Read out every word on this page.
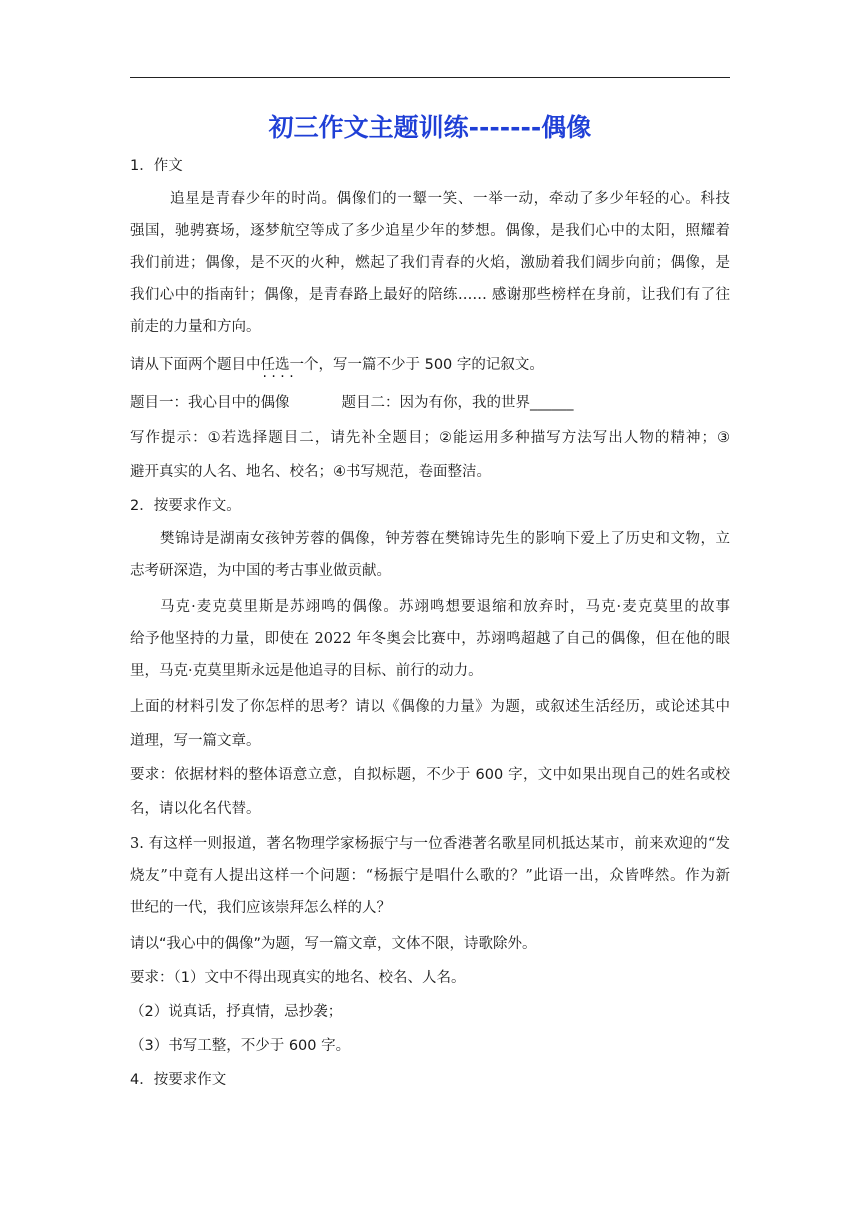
初三作文主题训练-------偶像
1．作文
追星是青春少年的时尚。偶像们的一颦一笑、一举一动，牵动了多少年轻的心。科技
强国，驰骋赛场，逐梦航空等成了多少追星少年的梦想。偶像，是我们心中的太阳，照耀着
我们前进；偶像，是不灭的火种，燃起了我们青春的火焰，激励着我们阔步向前；偶像，是
我们心中的指南针；偶像，是青春路上最好的陪练…… 感谢那些榜样在身前，让我们有了往
前走的力量和方向。
请从下面两个题目中任选一个 · ·，写一篇不少于 500 字的记叙文。
题目一：我心目中的偶像	题目二：因为有你，我的世界______
写作提示：①若选择题目二，请先补全题目；②能运用多种描写方法写出人物的精神；③
避开真实的人名、地名、校名；④书写规范，卷面整洁。
2．按要求作文。
樊锦诗是湖南女孩钟芳蓉的偶像，钟芳蓉在樊锦诗先生的影响下爱上了历史和文物，立
志考研深造，为中国的考古事业做贡献。
马克·麦克莫里斯是苏翊鸣的偶像。苏翊鸣想要退缩和放弃时，马克·麦克莫里的故事
给予他坚持的力量，即使在 2022 年冬奥会比赛中，苏翊鸣超越了自己的偶像，但在他的眼
里，马克·克莫里斯永远是他追寻的目标、前行的动力。
上面的材料引发了你怎样的思考？请以《偶像的力量》为题，或叙述生活经历，或论述其中
道理，写一篇文章。
要求：依据材料的整体语意立意，自拟标题，不少于 600 字，文中如果出现自己的姓名或校
名，请以化名代替。
3. 有这样一则报道，著名物理学家杨振宁与一位香港著名歌星同机抵达某市，前来欢迎的“发
烧友”中竟有人提出这样一个问题：“杨振宁是唱什么歌的？”此语一出，众皆哗然。作为新
世纪的一代，我们应该崇拜怎么样的人？
请以“我心中的偶像”为题，写一篇文章，文体不限，诗歌除外。
要求：（1）文中不得出现真实的地名、校名、人名。
（2）说真话，抒真情，忌抄袭；
（3）书写工整，不少于 600 字。
4．按要求作文
